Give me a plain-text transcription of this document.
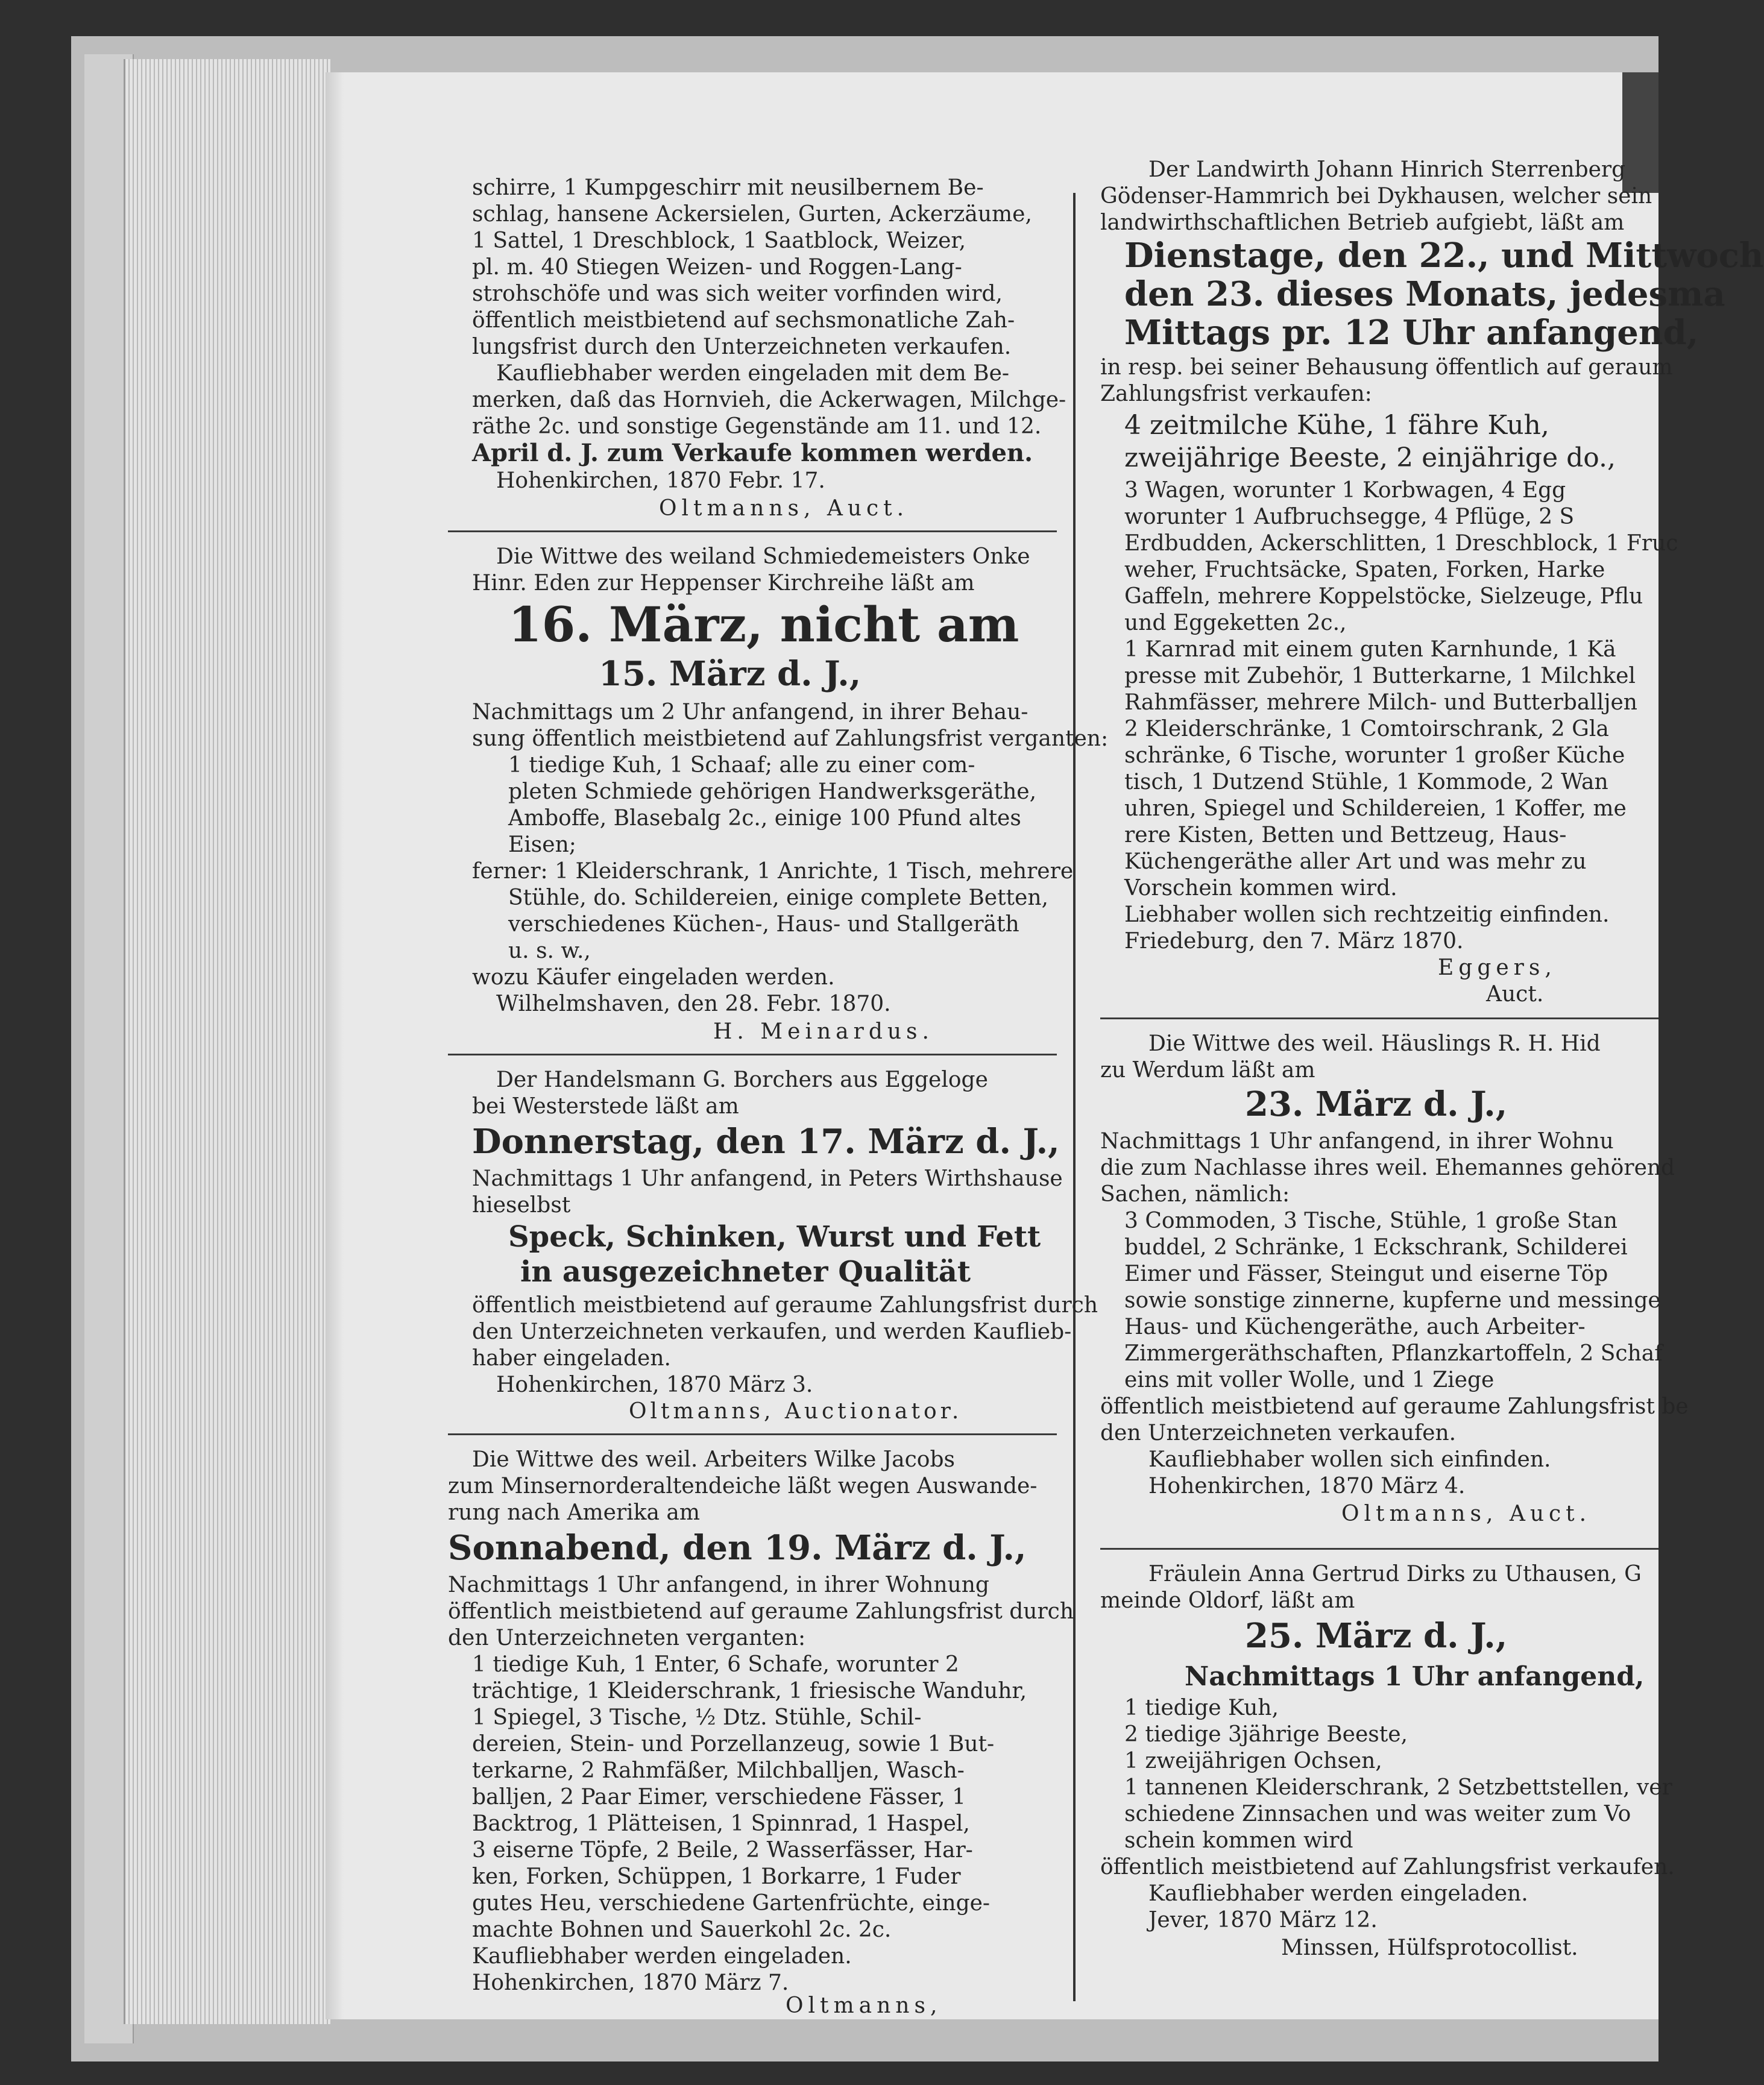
schirre, 1 Kumpgeschirr mit neusilbernem Be-
schlag, hansene Ackersielen, Gurten, Ackerzäume,
1 Sattel, 1 Dreschblock, 1 Saatblock, Weizer,
pl. m. 40 Stiegen Weizen- und Roggen-Lang-
strohschöfe und was sich weiter vorfinden wird,
öffentlich meistbietend auf sechsmonatliche Zah-
lungsfrist durch den Unterzeichneten verkaufen.
Kaufliebhaber werden eingeladen mit dem Be-
merken, daß das Hornvieh, die Ackerwagen, Milchge-
räthe 2c. und sonstige Gegenstände am 11. und 12.
April d. J. zum Verkaufe kommen werden.
Hohenkirchen, 1870 Febr. 17.
Oltmanns, Auct.
Die Wittwe des weiland Schmiedemeisters Onke
Hinr. Eden zur Heppenser Kirchreihe läßt am
16. März, nicht am
15. März d. J.,
Nachmittags um 2 Uhr anfangend, in ihrer Behau-
sung öffentlich meistbietend auf Zahlungsfrist verganten:
1 tiedige Kuh, 1 Schaaf; alle zu einer com-
pleten Schmiede gehörigen Handwerksgeräthe,
Amboffe, Blasebalg 2c., einige 100 Pfund altes
Eisen;
ferner: 1 Kleiderschrank, 1 Anrichte, 1 Tisch, mehrere
Stühle, do. Schildereien, einige complete Betten,
verschiedenes Küchen-, Haus- und Stallgeräth
u. s. w.,
wozu Käufer eingeladen werden.
Wilhelmshaven, den 28. Febr. 1870.
H. Meinardus.
Der Handelsmann G. Borchers aus Eggeloge
bei Westerstede läßt am
Donnerstag, den 17. März d. J.,
Nachmittags 1 Uhr anfangend, in Peters Wirthshause
hieselbst
Speck, Schinken, Wurst und Fett
in ausgezeichneter Qualität
öffentlich meistbietend auf geraume Zahlungsfrist durch
den Unterzeichneten verkaufen, und werden Kauflieb-
haber eingeladen.
Hohenkirchen, 1870 März 3.
Oltmanns, Auctionator.
Die Wittwe des weil. Arbeiters Wilke Jacobs
zum Minsernorderaltendeiche läßt wegen Auswande-
rung nach Amerika am
Sonnabend, den 19. März d. J.,
Nachmittags 1 Uhr anfangend, in ihrer Wohnung
öffentlich meistbietend auf geraume Zahlungsfrist durch
den Unterzeichneten verganten:
1 tiedige Kuh, 1 Enter, 6 Schafe, worunter 2
trächtige, 1 Kleiderschrank, 1 friesische Wanduhr,
1 Spiegel, 3 Tische, ½ Dtz. Stühle, Schil-
dereien, Stein- und Porzellanzeug, sowie 1 But-
terkarne, 2 Rahmfäßer, Milchballjen, Wasch-
balljen, 2 Paar Eimer, verschiedene Fässer, 1
Backtrog, 1 Plätteisen, 1 Spinnrad, 1 Haspel,
3 eiserne Töpfe, 2 Beile, 2 Wasserfässer, Har-
ken, Forken, Schüppen, 1 Borkarre, 1 Fuder
gutes Heu, verschiedene Gartenfrüchte, einge-
machte Bohnen und Sauerkohl 2c. 2c.
Kaufliebhaber werden eingeladen.
Hohenkirchen, 1870 März 7.
Oltmanns,
Der Landwirth Johann Hinrich Sterrenberg
Gödenser-Hammrich bei Dykhausen, welcher sein
landwirthschaftlichen Betrieb aufgiebt, läßt am
Dienstage, den 22., und Mittwoch
den 23. dieses Monats, jedesma
Mittags pr. 12 Uhr anfangend,
in resp. bei seiner Behausung öffentlich auf geraum
Zahlungsfrist verkaufen:
4 zeitmilche Kühe, 1 fähre Kuh,
zweijährige Beeste, 2 einjährige do.,
3 Wagen, worunter 1 Korbwagen, 4 Egg
worunter 1 Aufbruchsegge, 4 Pflüge, 2 S
Erdbudden, Ackerschlitten, 1 Dreschblock, 1 Fruc
weher, Fruchtsäcke, Spaten, Forken, Harke
Gaffeln, mehrere Koppelstöcke, Sielzeuge, Pflu
und Eggeketten 2c.,
1 Karnrad mit einem guten Karnhunde, 1 Kä
presse mit Zubehör, 1 Butterkarne, 1 Milchkel
Rahmfässer, mehrere Milch- und Butterballjen
2 Kleiderschränke, 1 Comtoirschrank, 2 Gla
schränke, 6 Tische, worunter 1 großer Küche
tisch, 1 Dutzend Stühle, 1 Kommode, 2 Wan
uhren, Spiegel und Schildereien, 1 Koffer, me
rere Kisten, Betten und Bettzeug, Haus-
Küchengeräthe aller Art und was mehr zu
Vorschein kommen wird.
Liebhaber wollen sich rechtzeitig einfinden.
Friedeburg, den 7. März 1870.
Eggers,
Auct.
Die Wittwe des weil. Häuslings R. H. Hid
zu Werdum läßt am
23. März d. J.,
Nachmittags 1 Uhr anfangend, in ihrer Wohnu
die zum Nachlasse ihres weil. Ehemannes gehörend
Sachen, nämlich:
3 Commoden, 3 Tische, Stühle, 1 große Stan
buddel, 2 Schränke, 1 Eckschrank, Schilderei
Eimer und Fässer, Steingut und eiserne Töp
sowie sonstige zinnerne, kupferne und messinge
Haus- und Küchengeräthe, auch Arbeiter-
Zimmergeräthschaften, Pflanzkartoffeln, 2 Schaf
eins mit voller Wolle, und 1 Ziege
öffentlich meistbietend auf geraume Zahlungsfrist be
den Unterzeichneten verkaufen.
Kaufliebhaber wollen sich einfinden.
Hohenkirchen, 1870 März 4.
Oltmanns, Auct.
Fräulein Anna Gertrud Dirks zu Uthausen, G
meinde Oldorf, läßt am
25. März d. J.,
Nachmittags 1 Uhr anfangend,
1 tiedige Kuh,
2 tiedige 3jährige Beeste,
1 zweijährigen Ochsen,
1 tannenen Kleiderschrank, 2 Setzbettstellen, ver
schiedene Zinnsachen und was weiter zum Vo
schein kommen wird
öffentlich meistbietend auf Zahlungsfrist verkaufen.
Kaufliebhaber werden eingeladen.
Jever, 1870 März 12.
Minssen, Hülfsprotocollist.
